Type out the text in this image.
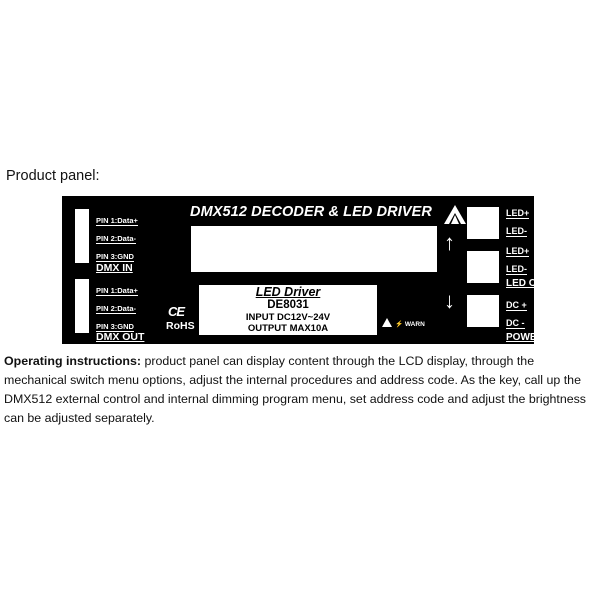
Product panel:
PIN 1:Data+
PIN 2:Data-
PIN 3:GND
DMX IN
PIN 1:Data+
PIN 2:Data-
PIN 3:GND
DMX OUT
DMX512 DECODER & LED DRIVER
LED Driver
DE8031
INPUT DC12V~24V
OUTPUT MAX10A
CE
RoHS	⚡ WARN
↑
↓
LED+
LED-
LED+
LED-
LED OUT
DC +
DC -
POWER IN
Operating instructions: product panel can display content through the LCD display, through the mechanical switch menu options, adjust the internal procedures and address code. As the key, call up the DMX512 external control and internal dimming program menu, set address code and adjust the brightness can be adjusted separately.
